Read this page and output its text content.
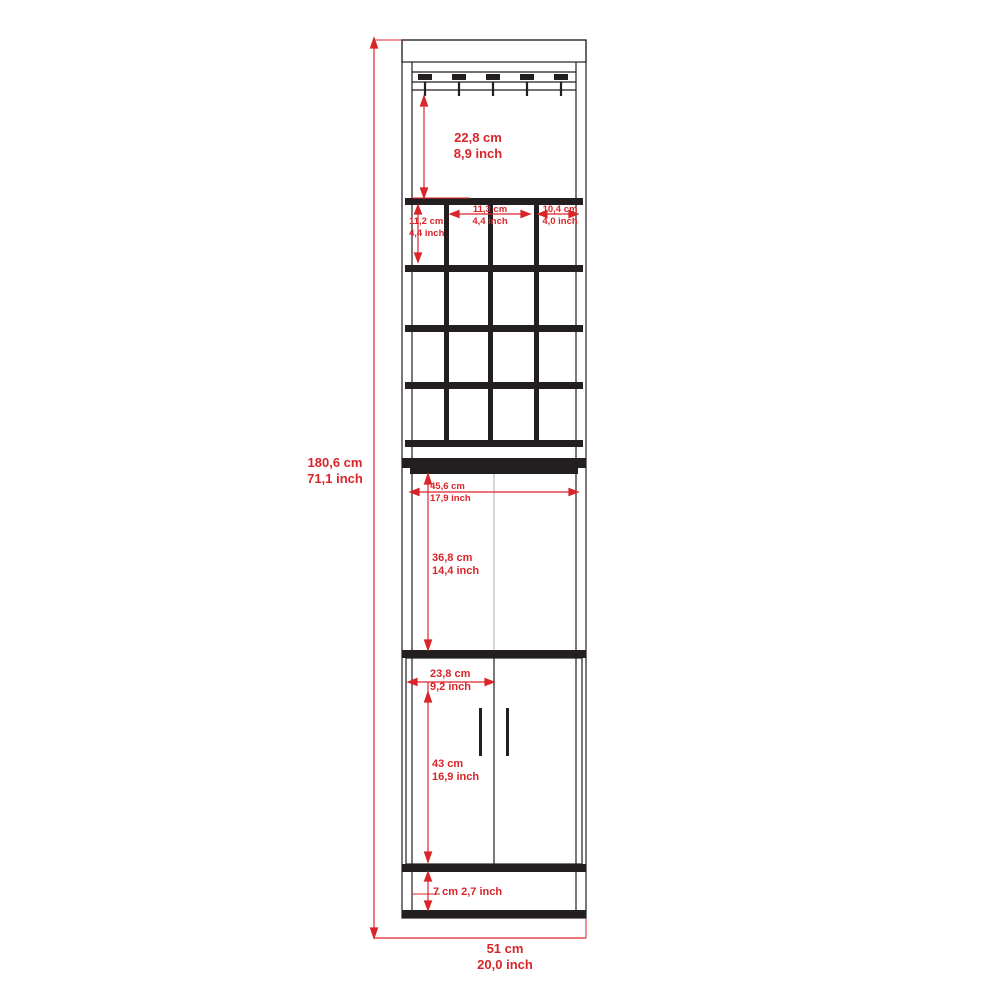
180,6 cm
71,1 inch
51 cm
20,0 inch
22,8 cm
8,9 inch
11,2 cm
4,4 inch
11,3 cm
4,4 inch
10,4 cm
4,0 inch
45,6 cm
17,9 inch
36,8 cm
14,4 inch
23,8 cm
9,2 inch
43 cm
16,9 inch
7 cm 2,7 inch
